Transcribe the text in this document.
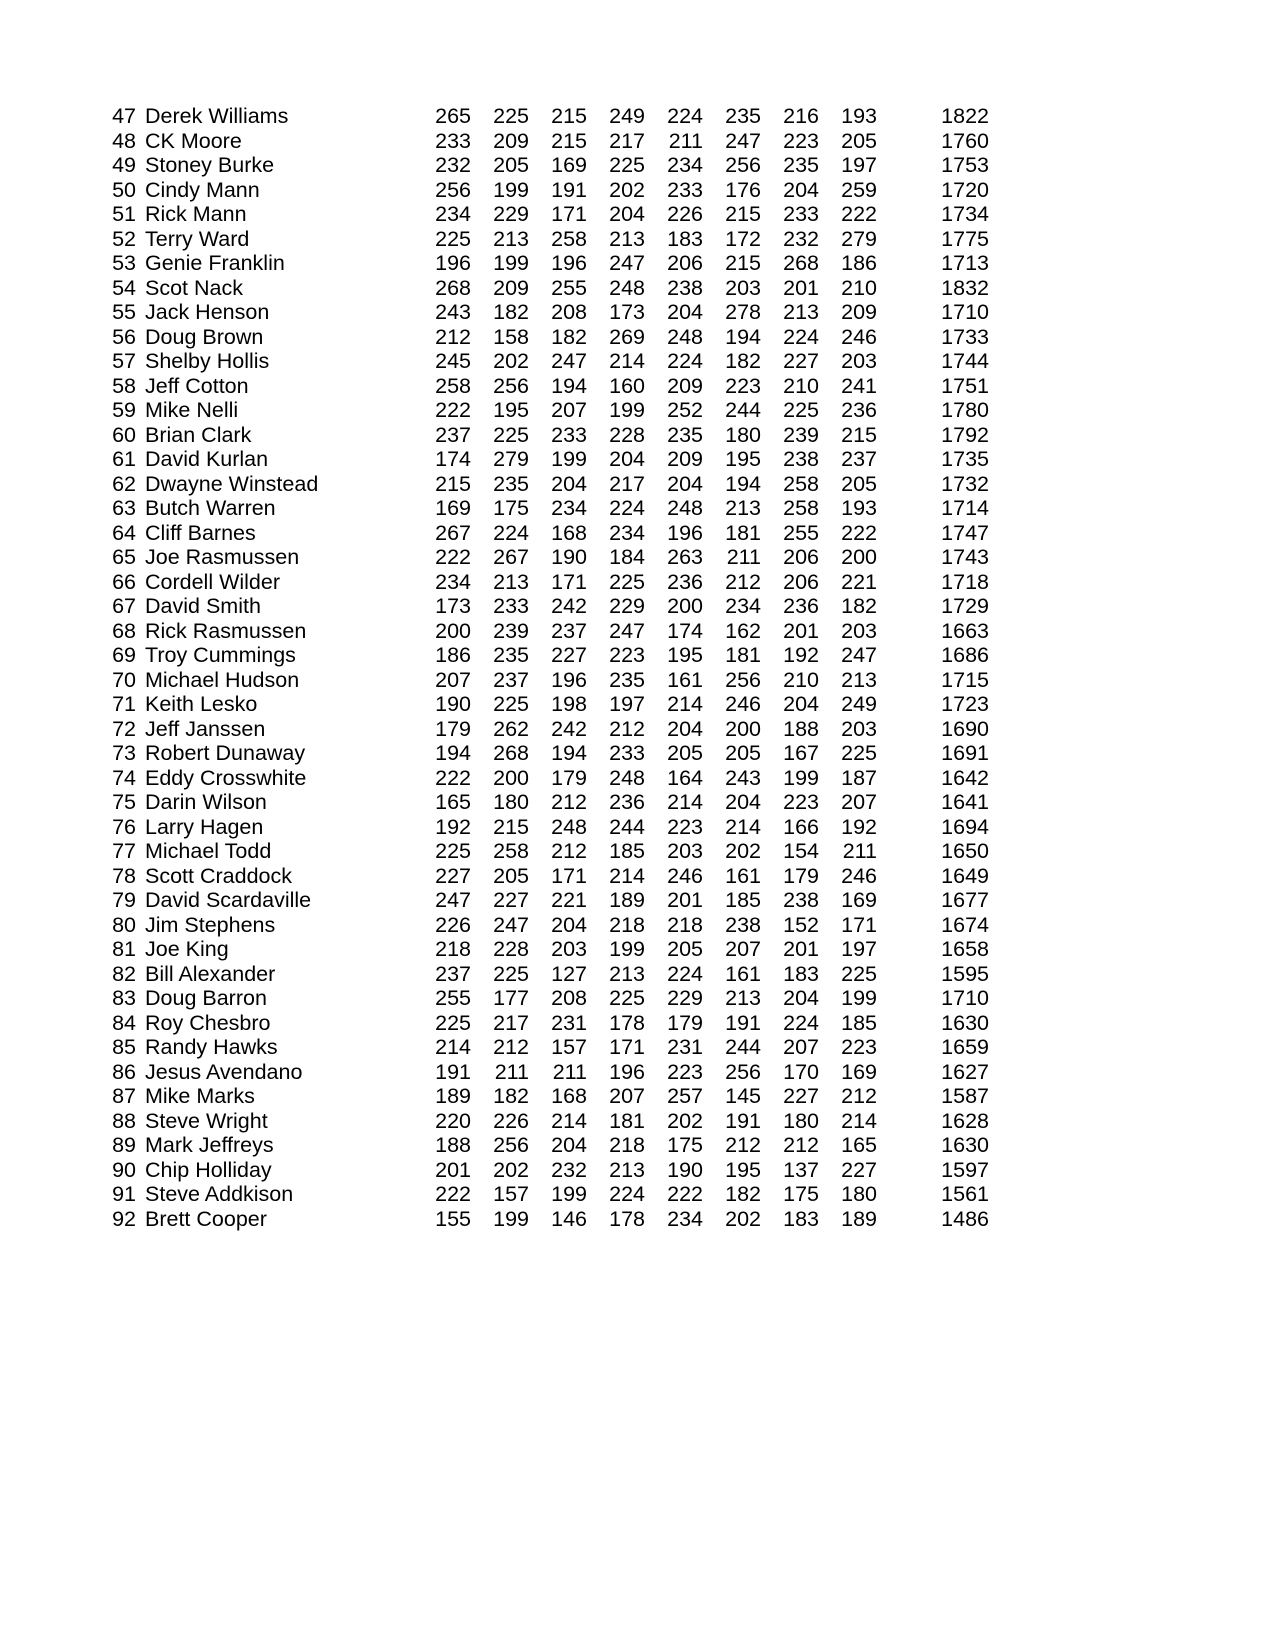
47	Derek Williams	265	225	215	249	224	235	216	193	1822
48	CK Moore	233	209	215	217	211	247	223	205	1760
49	Stoney Burke	232	205	169	225	234	256	235	197	1753
50	Cindy Mann	256	199	191	202	233	176	204	259	1720
51	Rick Mann	234	229	171	204	226	215	233	222	1734
52	Terry Ward	225	213	258	213	183	172	232	279	1775
53	Genie Franklin	196	199	196	247	206	215	268	186	1713
54	Scot Nack	268	209	255	248	238	203	201	210	1832
55	Jack Henson	243	182	208	173	204	278	213	209	1710
56	Doug Brown	212	158	182	269	248	194	224	246	1733
57	Shelby Hollis	245	202	247	214	224	182	227	203	1744
58	Jeff Cotton	258	256	194	160	209	223	210	241	1751
59	Mike Nelli	222	195	207	199	252	244	225	236	1780
60	Brian Clark	237	225	233	228	235	180	239	215	1792
61	David Kurlan	174	279	199	204	209	195	238	237	1735
62	Dwayne Winstead	215	235	204	217	204	194	258	205	1732
63	Butch Warren	169	175	234	224	248	213	258	193	1714
64	Cliff Barnes	267	224	168	234	196	181	255	222	1747
65	Joe Rasmussen	222	267	190	184	263	211	206	200	1743
66	Cordell Wilder	234	213	171	225	236	212	206	221	1718
67	David Smith	173	233	242	229	200	234	236	182	1729
68	Rick Rasmussen	200	239	237	247	174	162	201	203	1663
69	Troy Cummings	186	235	227	223	195	181	192	247	1686
70	Michael Hudson	207	237	196	235	161	256	210	213	1715
71	Keith Lesko	190	225	198	197	214	246	204	249	1723
72	Jeff Janssen	179	262	242	212	204	200	188	203	1690
73	Robert Dunaway	194	268	194	233	205	205	167	225	1691
74	Eddy Crosswhite	222	200	179	248	164	243	199	187	1642
75	Darin Wilson	165	180	212	236	214	204	223	207	1641
76	Larry Hagen	192	215	248	244	223	214	166	192	1694
77	Michael Todd	225	258	212	185	203	202	154	211	1650
78	Scott Craddock	227	205	171	214	246	161	179	246	1649
79	David Scardaville	247	227	221	189	201	185	238	169	1677
80	Jim Stephens	226	247	204	218	218	238	152	171	1674
81	Joe King	218	228	203	199	205	207	201	197	1658
82	Bill Alexander	237	225	127	213	224	161	183	225	1595
83	Doug Barron	255	177	208	225	229	213	204	199	1710
84	Roy Chesbro	225	217	231	178	179	191	224	185	1630
85	Randy Hawks	214	212	157	171	231	244	207	223	1659
86	Jesus Avendano	191	211	211	196	223	256	170	169	1627
87	Mike Marks	189	182	168	207	257	145	227	212	1587
88	Steve Wright	220	226	214	181	202	191	180	214	1628
89	Mark Jeffreys	188	256	204	218	175	212	212	165	1630
90	Chip Holliday	201	202	232	213	190	195	137	227	1597
91	Steve Addkison	222	157	199	224	222	182	175	180	1561
92	Brett Cooper	155	199	146	178	234	202	183	189	1486
